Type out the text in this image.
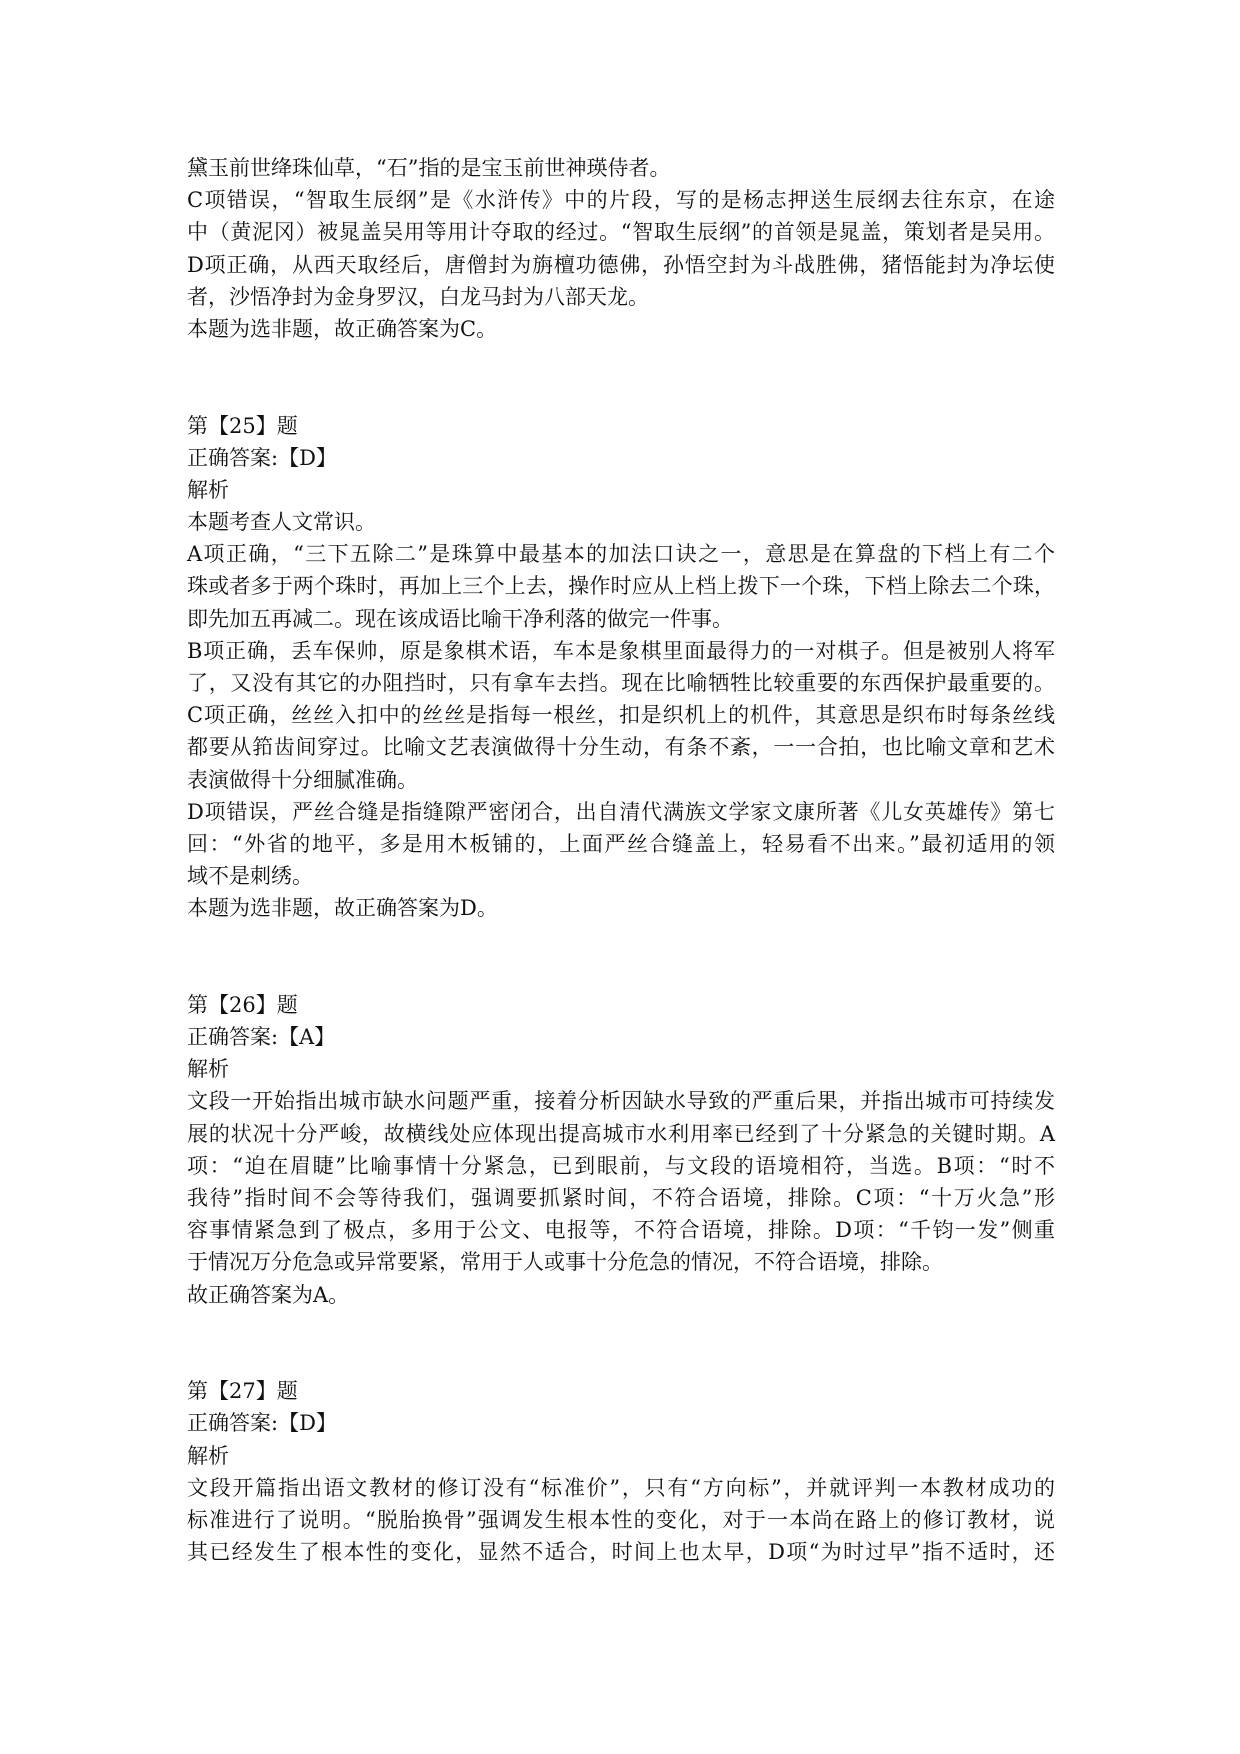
黛玉前世绛珠仙草，“石”指的是宝玉前世神瑛侍者。
C项错误，“智取生辰纲”是《水浒传》中的片段，写的是杨志押送生辰纲去往东京，在途
中（黄泥冈）被晁盖吴用等用计夺取的经过。“智取生辰纲”的首领是晁盖，策划者是吴用。
D项正确，从西天取经后，唐僧封为旃檀功德佛，孙悟空封为斗战胜佛，猪悟能封为净坛使
者，沙悟净封为金身罗汉，白龙马封为八部天龙。
本题为选非题，故正确答案为C。
第【25】题
正确答案:【D】
解析
本题考查人文常识。
A项正确，“三下五除二”是珠算中最基本的加法口诀之一，意思是在算盘的下档上有二个
珠或者多于两个珠时，再加上三个上去，操作时应从上档上拨下一个珠，下档上除去二个珠，
即先加五再减二。现在该成语比喻干净利落的做完一件事。
B项正确，丢车保帅，原是象棋术语，车本是象棋里面最得力的一对棋子。但是被别人将军
了，又没有其它的办阻挡时，只有拿车去挡。现在比喻牺牲比较重要的东西保护最重要的。
C项正确，丝丝入扣中的丝丝是指每一根丝，扣是织机上的机件，其意思是织布时每条丝线
都要从筘齿间穿过。比喻文艺表演做得十分生动，有条不紊，一一合拍，也比喻文章和艺术
表演做得十分细腻准确。
D项错误，严丝合缝是指缝隙严密闭合，出自清代满族文学家文康所著《儿女英雄传》第七
回：“外省的地平，多是用木板铺的，上面严丝合缝盖上，轻易看不出来。”最初适用的领
域不是刺绣。
本题为选非题，故正确答案为D。
第【26】题
正确答案:【A】
解析
文段一开始指出城市缺水问题严重，接着分析因缺水导致的严重后果，并指出城市可持续发
展的状况十分严峻，故横线处应体现出提高城市水利用率已经到了十分紧急的关键时期。A
项：“迫在眉睫”比喻事情十分紧急，已到眼前，与文段的语境相符，当选。B项：“时不
我待”指时间不会等待我们，强调要抓紧时间，不符合语境，排除。C项：“十万火急”形
容事情紧急到了极点，多用于公文、电报等，不符合语境，排除。D项：“千钧一发”侧重
于情况万分危急或异常要紧，常用于人或事十分危急的情况，不符合语境，排除。
故正确答案为A。
第【27】题
正确答案:【D】
解析
文段开篇指出语文教材的修订没有“标准价”，只有“方向标”，并就评判一本教材成功的
标准进行了说明。“脱胎换骨”强调发生根本性的变化，对于一本尚在路上的修订教材，说
其已经发生了根本性的变化，显然不适合，时间上也太早，D项“为时过早”指不适时，还
